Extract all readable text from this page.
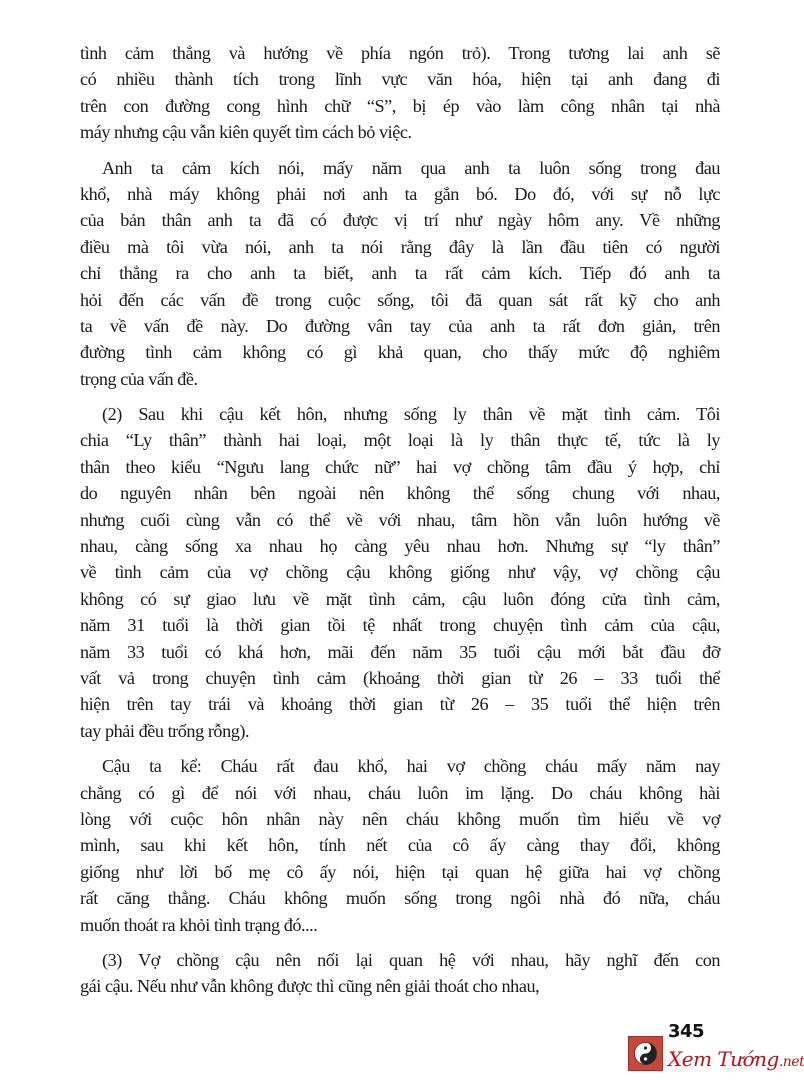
tình cảm thẳng và hướng về phía ngón trỏ). Trong tương lai anh sẽ
có nhiều thành tích trong lĩnh vực văn hóa, hiện tại anh đang đi
trên con đường cong hình chữ “S”, bị ép vào làm công nhân tại nhà
máy nhưng cậu vẫn kiên quyết tìm cách bỏ việc.
Anh ta cảm kích nói, mấy năm qua anh ta luôn sống trong đau
khổ, nhà máy không phải nơi anh ta gắn bó. Do đó, với sự nỗ lực
của bản thân anh ta đã có được vị trí như ngày hôm any. Về những
điều mà tôi vừa nói, anh ta nói rằng đây là lần đầu tiên có người
chỉ thẳng ra cho anh ta biết, anh ta rất cảm kích. Tiếp đó anh ta
hỏi đến các vấn đề trong cuộc sống, tôi đã quan sát rất kỹ cho anh
ta về vấn đề này. Do đường vân tay của anh ta rất đơn giản, trên
đường tình cảm không có gì khả quan, cho thấy mức độ nghiêm
trọng của vấn đề.
(2) Sau khi cậu kết hôn, nhưng sống ly thân về mặt tình cảm. Tôi
chia “Ly thân” thành hai loại, một loại là ly thân thực tế, tức là ly
thân theo kiểu “Ngưu lang chức nữ” hai vợ chồng tâm đầu ý hợp, chỉ
do nguyên nhân bên ngoài nên không thể sống chung với nhau,
nhưng cuối cùng vẫn có thể về với nhau, tâm hồn vẫn luôn hướng về
nhau, càng sống xa nhau họ càng yêu nhau hơn. Nhưng sự “ly thân”
về tình cảm của vợ chồng cậu không giống như vậy, vợ chồng cậu
không có sự giao lưu về mặt tình cảm, cậu luôn đóng cửa tình cảm,
năm 31 tuổi là thời gian tồi tệ nhất trong chuyện tình cảm của cậu,
năm 33 tuổi có khá hơn, mãi đến năm 35 tuổi cậu mới bắt đầu đỡ
vất vả trong chuyện tình cảm (khoảng thời gian từ 26 – 33 tuổi thể
hiện trên tay trái và khoảng thời gian từ 26 – 35 tuổi thể hiện trên
tay phải đều trống rỗng).
Cậu ta kể: Cháu rất đau khổ, hai vợ chồng cháu mấy năm nay
chẳng có gì để nói với nhau, cháu luôn im lặng. Do cháu không hài
lòng với cuộc hôn nhân này nên cháu không muốn tìm hiểu về vợ
mình, sau khi kết hôn, tính nết của cô ấy càng thay đổi, không
giống như lời bố mẹ cô ấy nói, hiện tại quan hệ giữa hai vợ chồng
rất căng thẳng. Cháu không muốn sống trong ngôi nhà đó nữa, cháu
muốn thoát ra khỏi tình trạng đó....
(3) Vợ chồng cậu nên nối lại quan hệ với nhau, hãy nghĩ đến con
gái cậu. Nếu như vẫn không được thì cũng nên giải thoát cho nhau,
345
Xem Tướng.net
